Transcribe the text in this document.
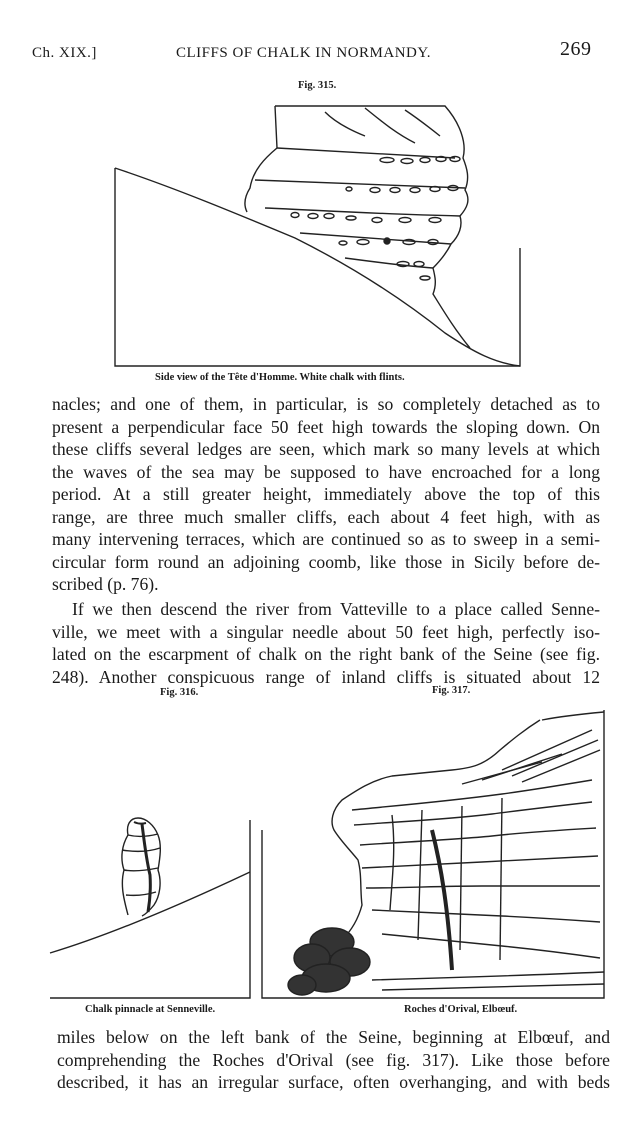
Ch. XIX.]	CLIFFS OF CHALK IN NORMANDY.	269
Fig. 315.
Side view of the Tête d'Homme. White chalk with flints.
nacles; and one of them, in particular, is so completely detached as to
present a perpendicular face 50 feet high towards the sloping down. On
these cliffs several ledges are seen, which mark so many levels at which
the waves of the sea may be supposed to have encroached for a long
period. At a still greater height, immediately above the top of this
range, are three much smaller cliffs, each about 4 feet high, with as
many intervening terraces, which are continued so as to sweep in a semi-
circular form round an adjoining coomb, like those in Sicily before de-
scribed (p. 76).
If we then descend the river from Vatteville to a place called Senne-
ville, we meet with a singular needle about 50 feet high, perfectly iso-
lated on the escarpment of chalk on the right bank of the Seine (see fig.
248). Another conspicuous range of inland cliffs is situated about 12
Fig. 316.
Chalk pinnacle at Senneville.
Fig. 317.
Roches d'Orival, Elbœuf.
miles below on the left bank of the Seine, beginning at Elbœuf, and
comprehending the Roches d'Orival (see fig. 317). Like those before
described, it has an irregular surface, often overhanging, and with beds
